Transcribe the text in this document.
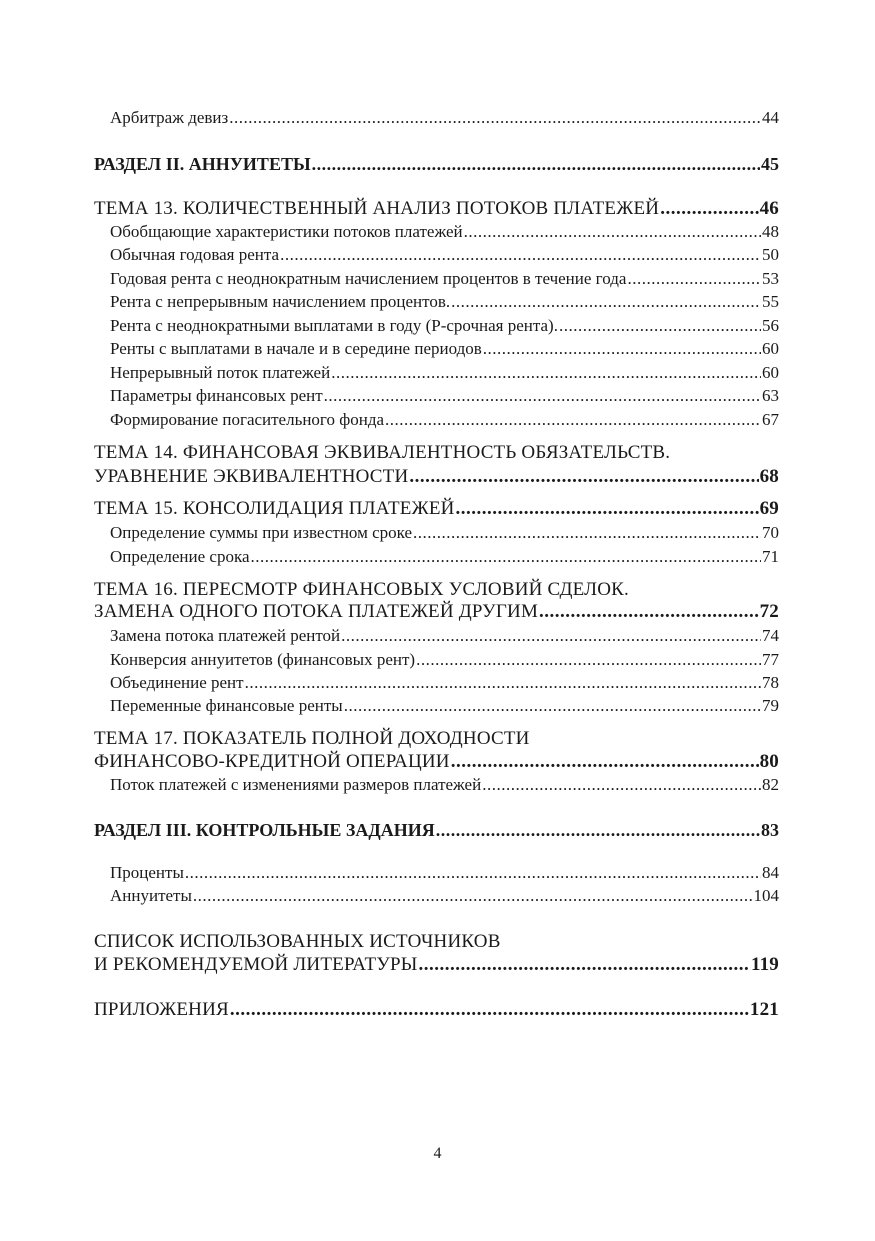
Арбитраж девиз .....	44
РАЗДЕЛ II. АННУИТЕТЫ .....	45
ТЕМА 13. КОЛИЧЕСТВЕННЫЙ АНАЛИЗ ПОТОКОВ ПЛАТЕЖЕЙ .....	46
Обобщающие характеристики потоков платежей .....	48
Обычная годовая рента .....	50
Годовая рента с неоднократным начислением процентов в течение года .....	53
Рента с непрерывным начислением процентов. .....	55
Рента с неоднократными выплатами в году (Р-срочная рента). .....	56
Ренты с выплатами в начале и в середине периодов .....	60
Непрерывный поток платежей .....	60
Параметры финансовых рент .....	63
Формирование погасительного фонда .....	67
ТЕМА 14. ФИНАНСОВАЯ ЭКВИВАЛЕНТНОСТЬ ОБЯЗАТЕЛЬСТВ.
УРАВНЕНИЕ ЭКВИВАЛЕНТНОСТИ .....	68
ТЕМА 15. КОНСОЛИДАЦИЯ ПЛАТЕЖЕЙ .....	69
Определение суммы при известном сроке .....	70
Определение срока .....	71
ТЕМА 16. ПЕРЕСМОТР ФИНАНСОВЫХ УСЛОВИЙ СДЕЛОК.
ЗАМЕНА ОДНОГО ПОТОКА ПЛАТЕЖЕЙ ДРУГИМ .....	72
Замена потока платежей рентой .....	74
Конверсия аннуитетов (финансовых рент) .....	77
Объединение рент .....	78
Переменные финансовые ренты .....	79
ТЕМА 17. ПОКАЗАТЕЛЬ ПОЛНОЙ ДОХОДНОСТИ
ФИНАНСОВО-КРЕДИТНОЙ ОПЕРАЦИИ .....	80
Поток платежей с изменениями размеров платежей .....	82
РАЗДЕЛ III. КОНТРОЛЬНЫЕ ЗАДАНИЯ .....	83
Проценты .....	84
Аннуитеты .....	104
СПИСОК ИСПОЛЬЗОВАННЫХ ИСТОЧНИКОВ
И РЕКОМЕНДУЕМОЙ ЛИТЕРАТУРЫ .....	119
ПРИЛОЖЕНИЯ .....	121
4
